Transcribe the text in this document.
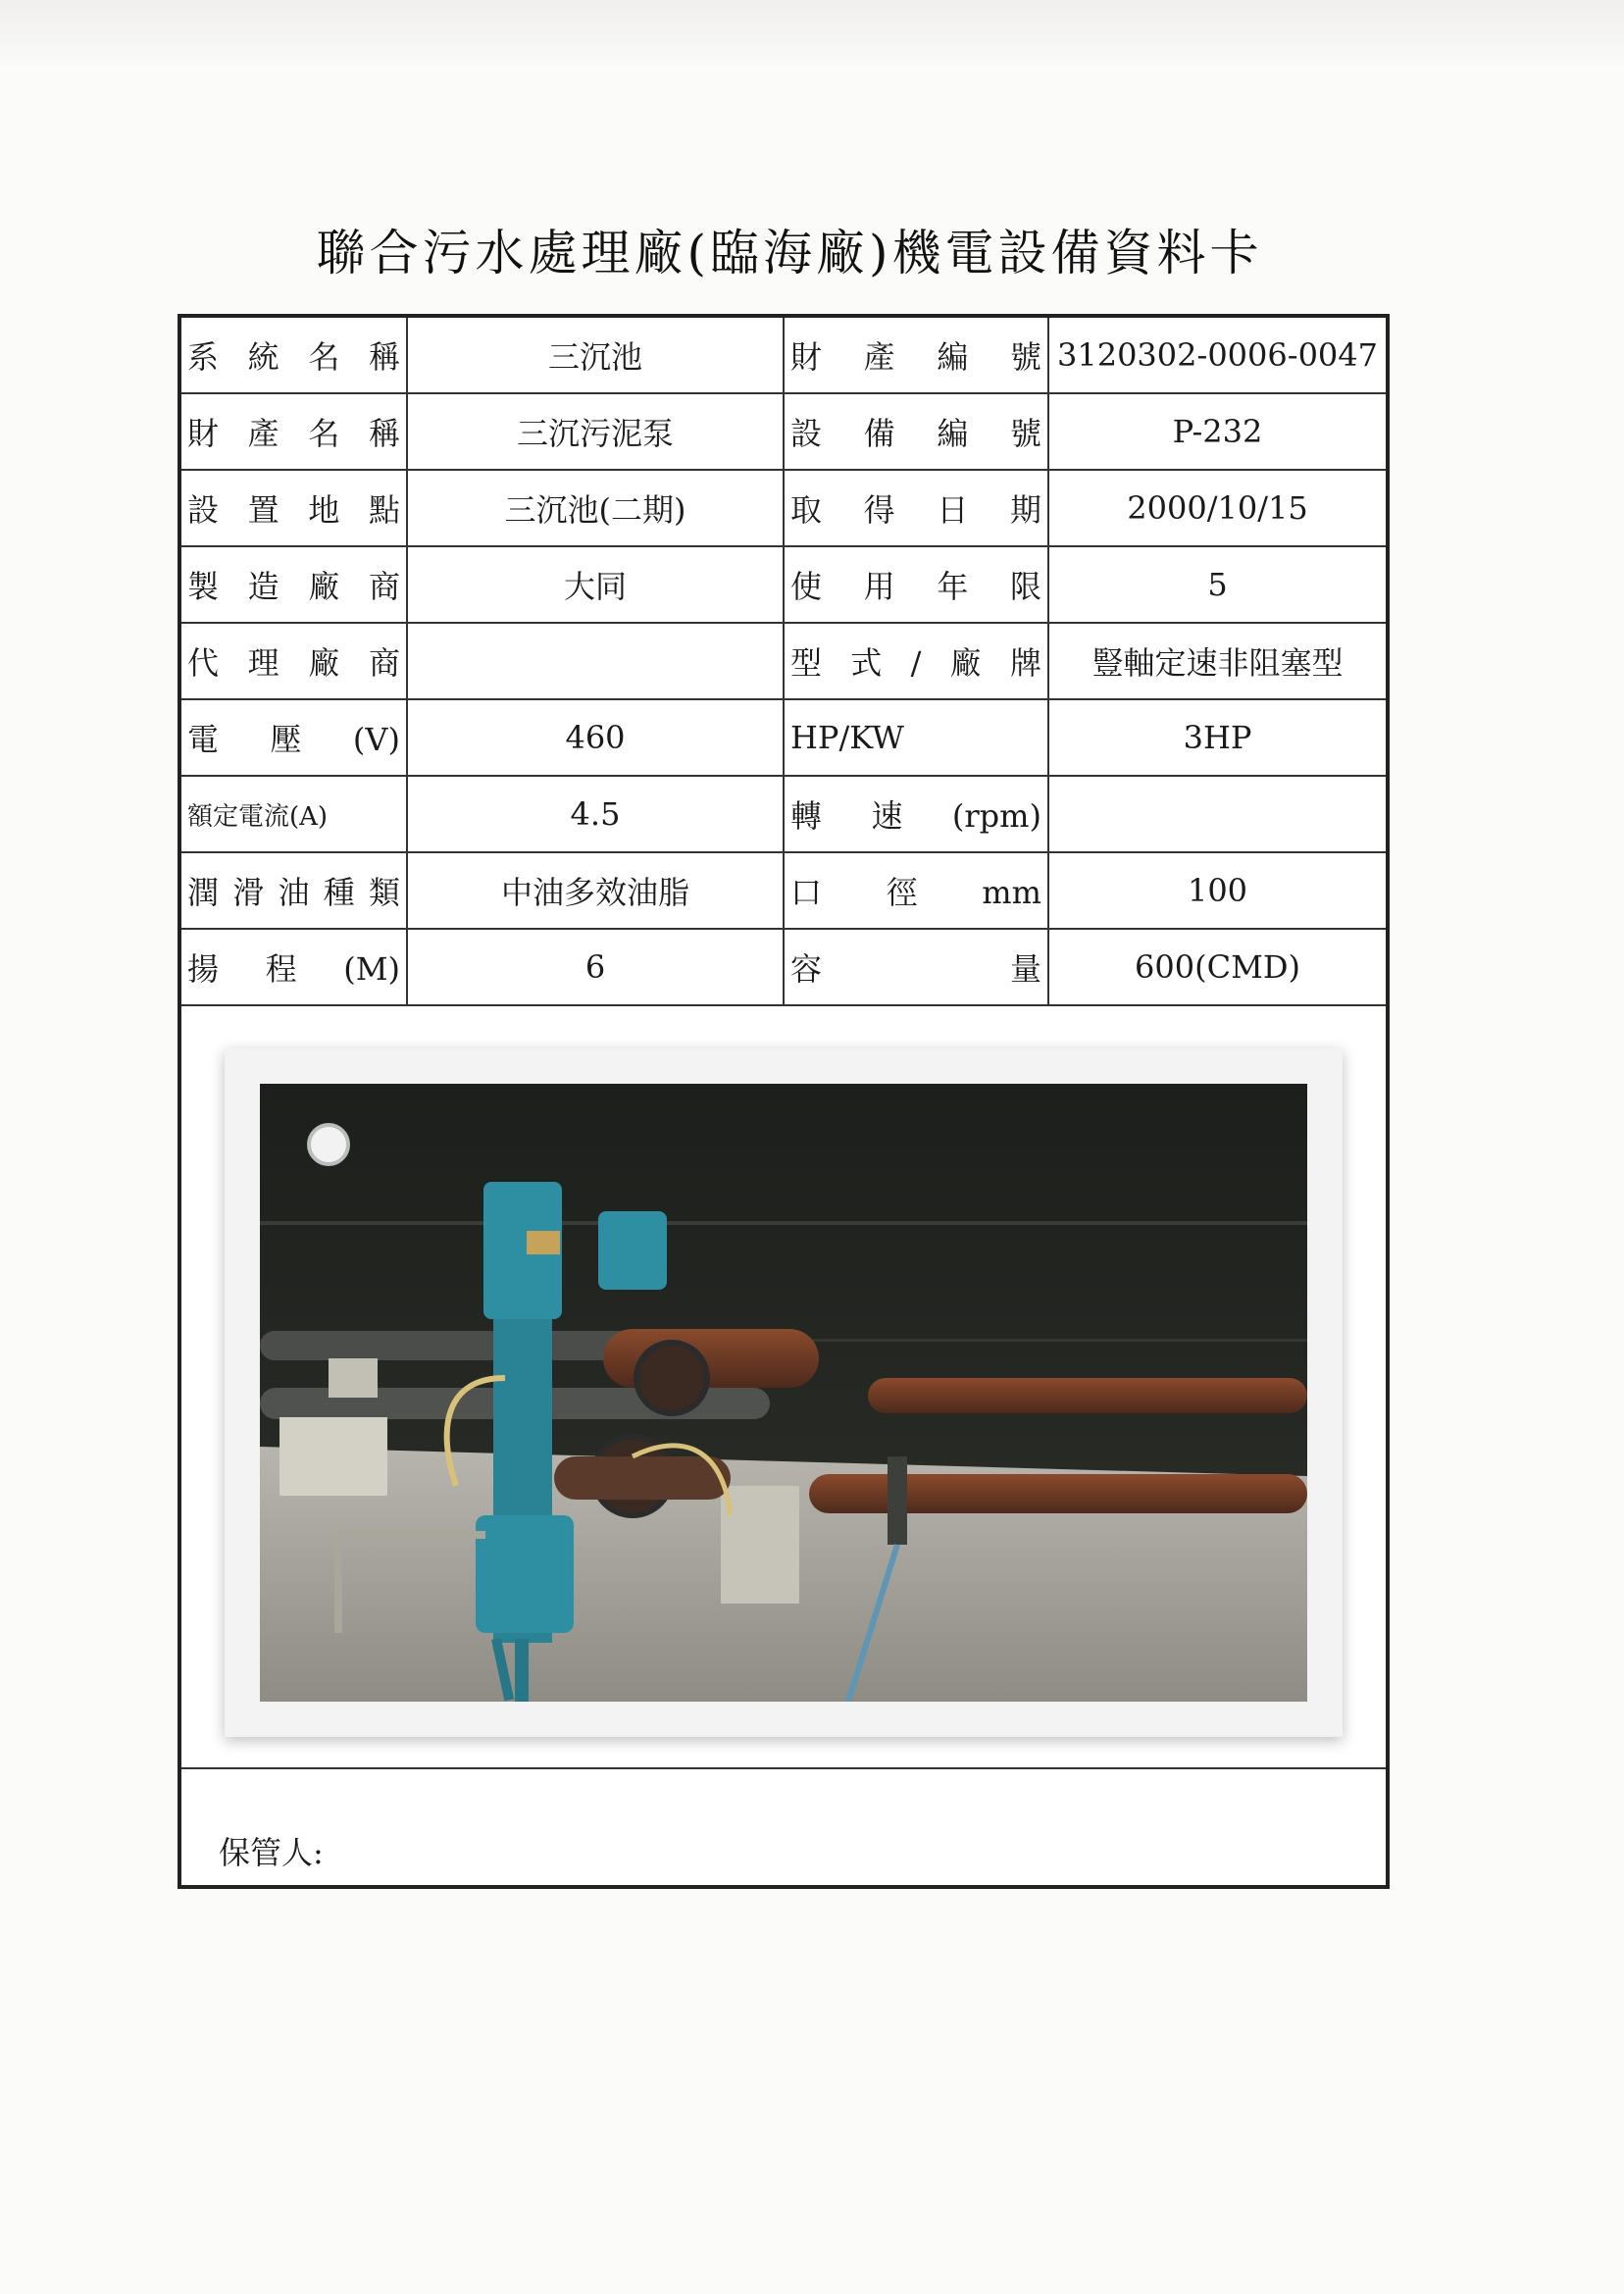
聯合污水處理廠(臨海廠)機電設備資料卡
系統名稱	三沉池	財產編號	3120302-0006-0047
財產名稱	三沉污泥泵	設備編號	P-232
設置地點	三沉池(二期)	取得日期	2000/10/15
製造廠商	大同	使用年限	5
代理廠商		型式/廠牌	豎軸定速非阻塞型
電壓(V)	460	HP/KW	3HP
額定電流(A)	4.5	轉速(rpm)	
潤滑油種類	中油多效油脂	口徑mm	100
揚程(M)	6	容量	600(CMD)
保管人:
